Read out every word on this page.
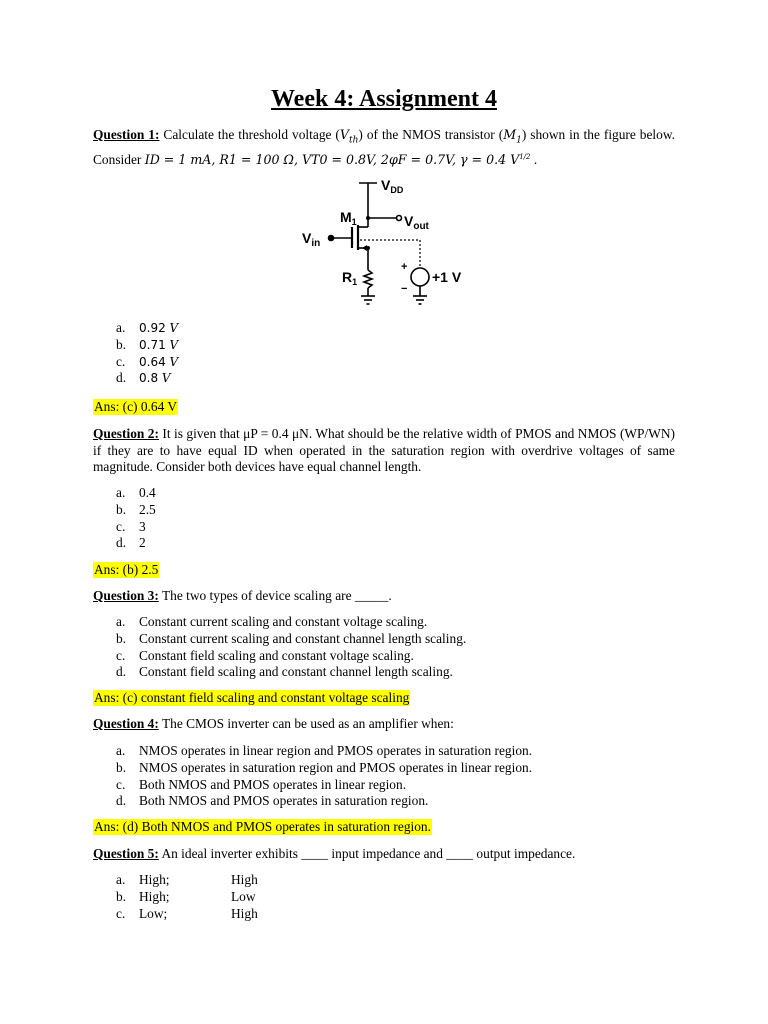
Week 4: Assignment 4

Question 1: Calculate the threshold voltage $(V_{th})$ of the NMOS transistor $(M_1)$ shown in the figure below. Consider ID = 1 mA, R1 = 100 Ω, VT0 = 0.8V, 2φF = 0.7V, γ = 0.4 $V^{1/2}$ .

$V_{DD}$
$M_1$	$V_{out}$
$V_{in}$
$R_1$	+1 V
+
−
a.	0.92 V
b.	0.71 V
c.	0.64 V
d.	0.8 V

Ans: (c) 0.64 V

Question 2: It is given that μP = 0.4 μN. What should be the relative width of PMOS and NMOS (WP/WN) if they are to have equal ID when operated in the saturation region with overdrive voltages of same magnitude. Consider both devices have equal channel length.

a.	0.4
b. 2.5
c.	3
d. 2

Ans: (b) 2.5

Question 3: The two types of device scaling are _____.

a.	Constant current scaling and constant voltage scaling.
b. Constant current scaling and constant channel length scaling.
c.	Constant field scaling and constant voltage scaling.
d. Constant field scaling and constant channel length scaling.

Ans: (c) constant field scaling and constant voltage scaling

Question 4: The CMOS inverter can be used as an amplifier when:

a.	NMOS operates in linear region and PMOS operates in saturation region.
b. NMOS operates in saturation region and PMOS operates in linear region.
c.	Both NMOS and PMOS operates in linear region.
d. Both NMOS and PMOS operates in saturation region.

Ans: (d) Both NMOS and PMOS operates in saturation region.

Question 5: An ideal inverter exhibits ____ input impedance and ____ output impedance.

a.	High;	High
b. High;	Low
c.	Low;	High
